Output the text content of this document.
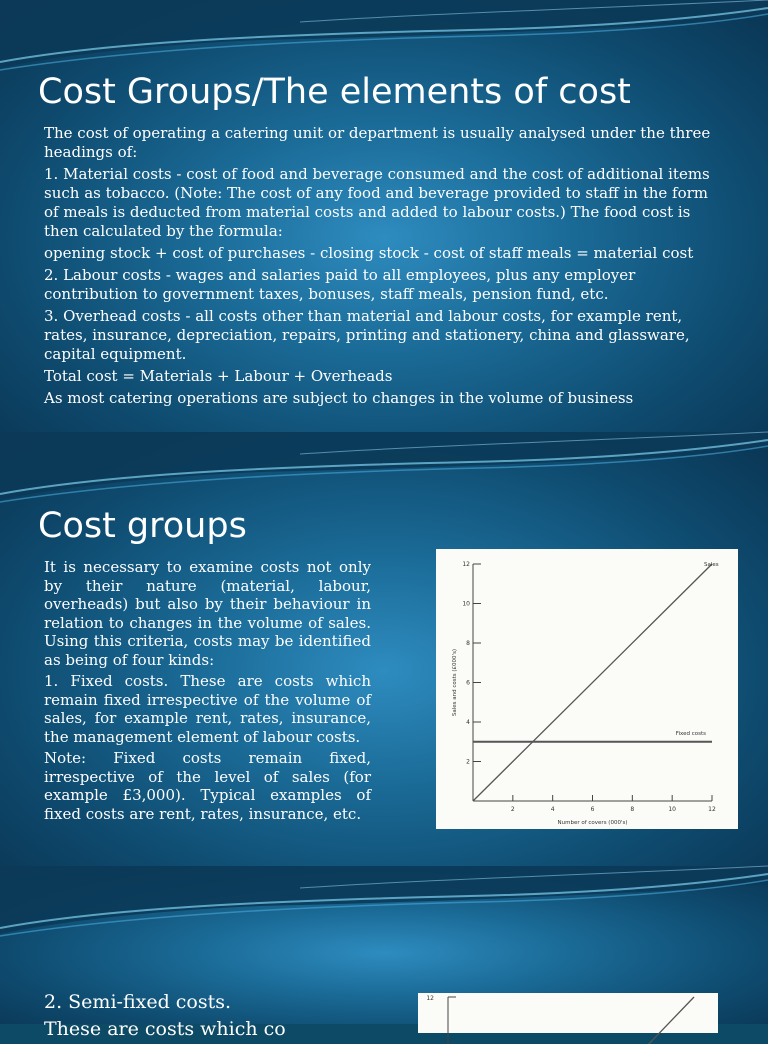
Cost Groups/The elements of cost

The cost of operating a catering unit or department is usually analysed under the three headings of:

1. Material costs - cost of food and beverage consumed and the cost of additional items such as tobacco. (Note: The cost of any food and beverage provided to staff in the form of meals is deducted from material costs and added to labour costs.) The food cost is then calculated by the formula:

opening stock + cost of purchases - closing stock - cost of staff meals = material cost

2. Labour costs - wages and salaries paid to all employees, plus any employer contribution to government taxes, bonuses, staff meals, pension fund, etc.

3. Overhead costs - all costs other than material and labour costs, for example rent, rates, insurance, depreciation, repairs, printing and stationery, china and glassware, capital equipment.

Total cost = Materials + Labour + Overheads

As most catering operations are subject to changes in the volume of business

Cost groups

It is necessary to examine costs not only by their nature (material, labour, overheads) but also by their behaviour in relation to changes in the volume of sales. Using this criteria, costs may be identified as being of four kinds:

1. Fixed costs. These are costs which remain fixed irrespective of the volume of sales, for example rent, rates, insurance, the management element of labour costs.

Note: Fixed costs remain fixed, irrespective of the level of sales (for example £3,000). Typical examples of fixed costs are rent, rates, insurance, etc.

2
4
6
8
10
12
2	4	6	8	10	12
Number of covers (000's)
Sales and costs (£000's)
Sales
Fixed costs

2. Semi-fixed costs.

These are costs which co

12
